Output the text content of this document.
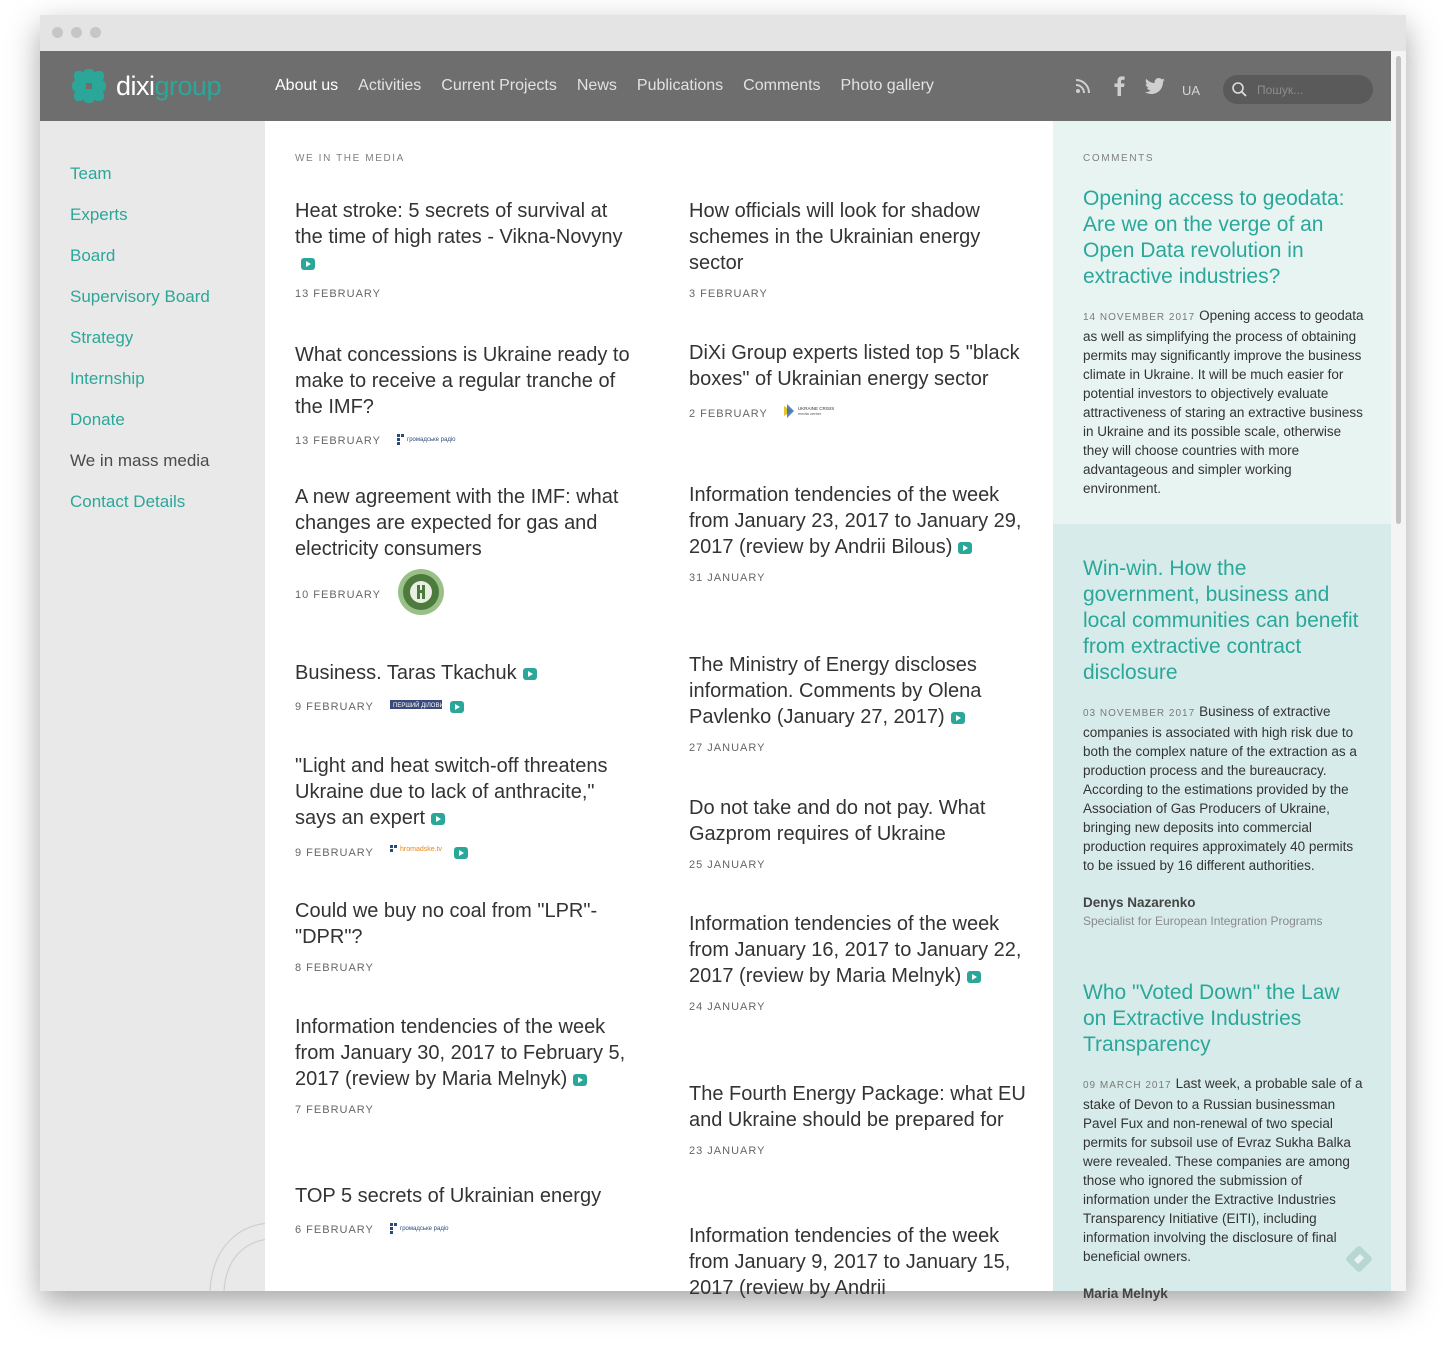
dixigroup	About us Activities Current Projects News Publications Comments Photo gallery	UA
Пошук...
Team
Experts
Board
Supervisory Board
Strategy
Internship
Donate
We in mass media
Contact Details
WE IN THE MEDIA

Heat stroke: 5 secrets of survival at the time of high rates - Vikna-Novyny

13 FEBRUARY

What concessions is Ukraine ready to make to receive a regular tranche of the IMF?

13 FEBRUARY	громадське радіо

A new agreement with the IMF: what changes are expected for gas and electricity consumers

10 FEBRUARY

Business. Taras Tkachuk

9 FEBRUARY	ПЕРШИЙ ДІЛОВИЙ

"Light and heat switch-off threatens Ukraine due to lack of anthracite," says an expert

9 FEBRUARY	hromadske.tv

Could we buy no coal from "LPR"-"DPR"?

8 FEBRUARY

Information tendencies of the week from January 30, 2017 to February 5, 2017 (review by Maria Melnyk)

7 FEBRUARY

TOP 5 secrets of Ukrainian energy

6 FEBRUARY	громадське радіо

How officials will look for shadow schemes in the Ukrainian energy sector

3 FEBRUARY

DiXi Group experts listed top 5 "black boxes" of Ukrainian energy sector

2 FEBRUARY	UKRAINE CRISIS
media center

Information tendencies of the week from January 23, 2017 to January 29, 2017 (review by Andrii Bilous)

31 JANUARY

The Ministry of Energy discloses information. Comments by Olena Pavlenko (January 27, 2017)

27 JANUARY

Do not take and do not pay. What Gazprom requires of Ukraine

25 JANUARY

Information tendencies of the week from January 16, 2017 to January 22, 2017 (review by Maria Melnyk)

24 JANUARY

The Fourth Energy Package: what EU and Ukraine should be prepared for

23 JANUARY

Information tendencies of the week from January 9, 2017 to January 15, 2017 (review by Andrii

COMMENTS

Opening access to geodata: Are we on the verge of an Open Data revolution in extractive industries?

14 NOVEMBER 2017 Opening access to geodata as well as simplifying the process of obtaining permits may significantly improve the business climate in Ukraine. It will be much easier for potential investors to objectively evaluate attractiveness of staring an extractive business in Ukraine and its possible scale, otherwise they will choose countries with more advantageous and simpler working environment.

Win-win. How the government, business and local communities can benefit from extractive contract disclosure

03 NOVEMBER 2017 Business of extractive companies is associated with high risk due to both the complex nature of the extraction as a production process and the bureaucracy. According to the estimations provided by the Association of Gas Producers of Ukraine, bringing new deposits into commercial production requires approximately 40 permits to be issued by 16 different authorities.
Denys Nazarenko
Specialist for European Integration Programs

Who "Voted Down" the Law on Extractive Industries Transparency

09 MARCH 2017 Last week, a probable sale of a stake of Devon to a Russian businessman Pavel Fux and non-renewal of two special permits for subsoil use of Evraz Sukha Balka were revealed. These companies are among those who ignored the submission of information under the Extractive Industries Transparency Initiative (EITI), including information involving the disclosure of final beneficial owners.
Maria Melnyk
